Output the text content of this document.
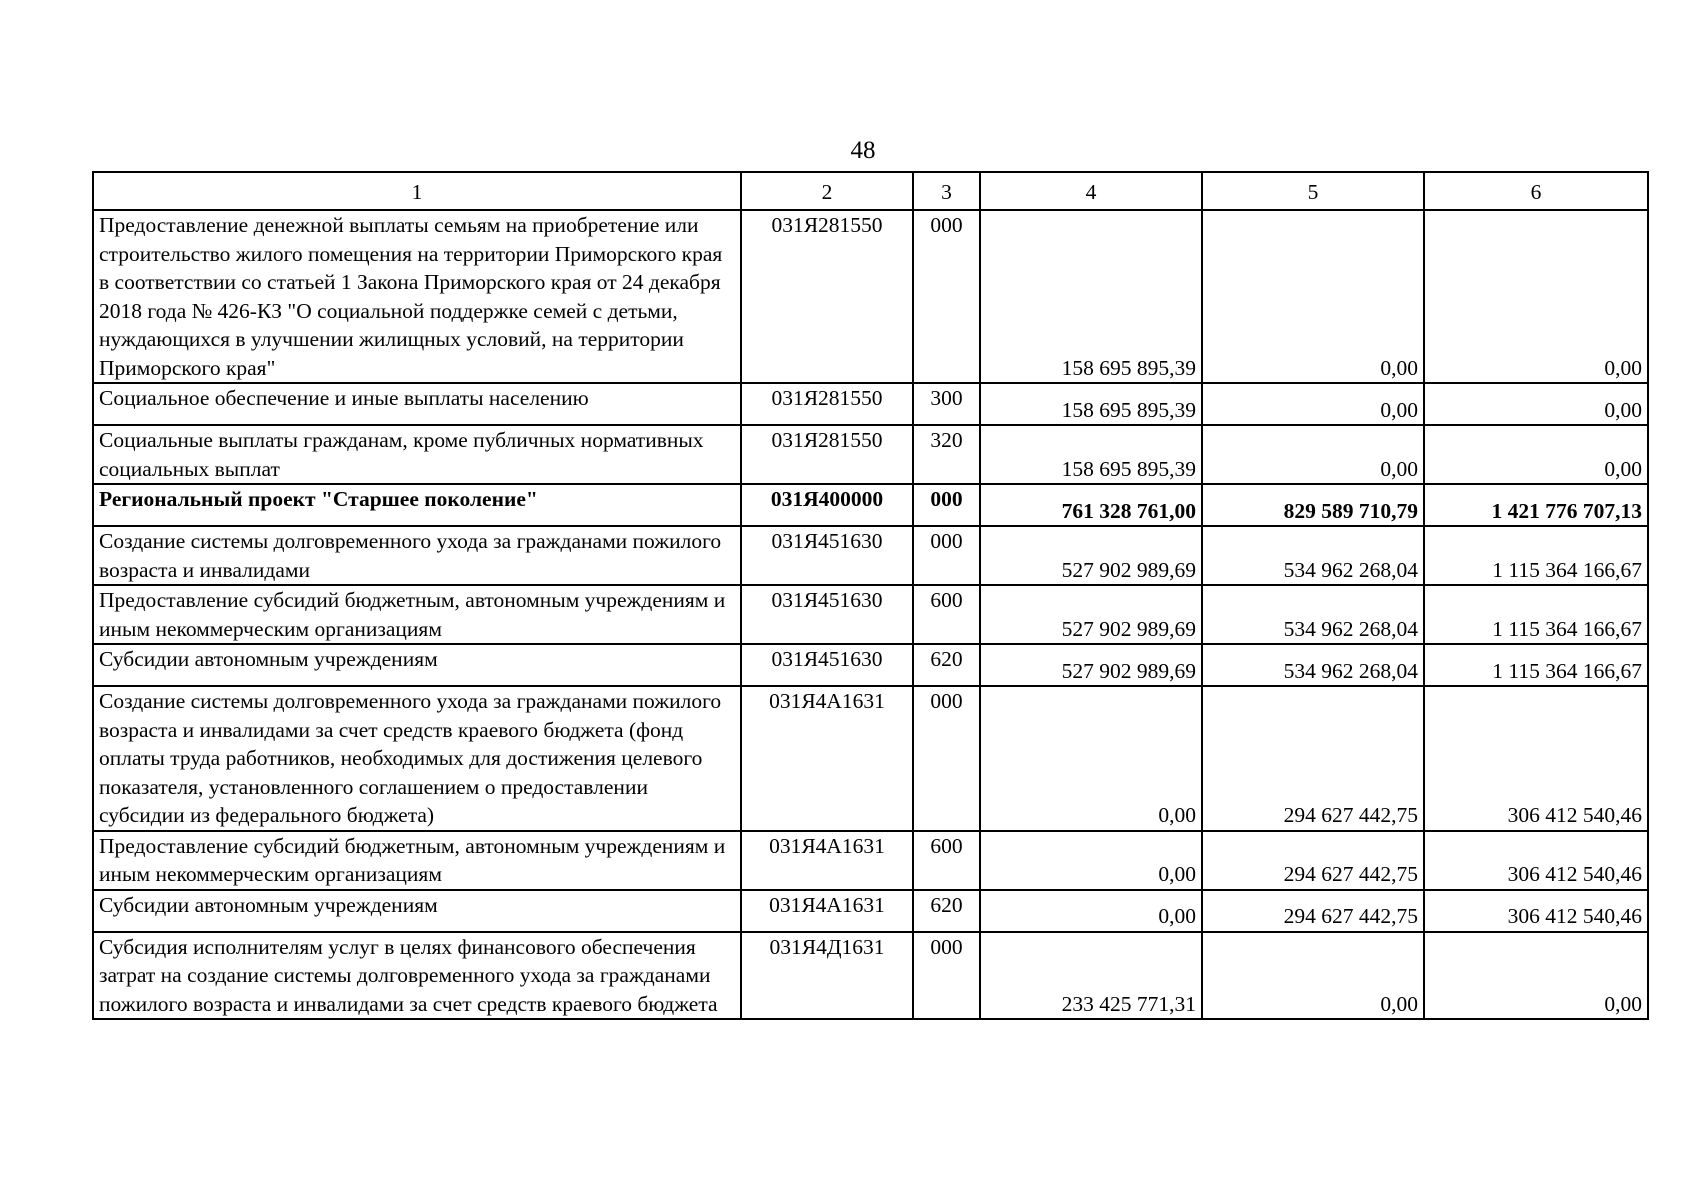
48
1	2	3	4	5	6
Предоставление денежной выплаты семьям на приобретение или строительство жилого помещения на территории Приморского края в соответствии со статьей 1 Закона Приморского края от 24 декабря 2018 года № 426-КЗ "О социальной поддержке семей с детьми, нуждающихся в улучшении жилищных условий, на территории Приморского края"	031Я281550	000	158 695 895,39	0,00	0,00
Социальное обеспечение и иные выплаты населению	031Я281550	300	158 695 895,39	0,00	0,00
Социальные выплаты гражданам, кроме публичных нормативных социальных выплат	031Я281550	320	158 695 895,39	0,00	0,00
Региональный проект "Старшее поколение"	031Я400000	000	761 328 761,00	829 589 710,79	1 421 776 707,13
Создание системы долговременного ухода за гражданами пожилого возраста и инвалидами	031Я451630	000	527 902 989,69	534 962 268,04	1 115 364 166,67
Предоставление субсидий бюджетным, автономным учреждениям и иным некоммерческим организациям	031Я451630	600	527 902 989,69	534 962 268,04	1 115 364 166,67
Субсидии автономным учреждениям	031Я451630	620	527 902 989,69	534 962 268,04	1 115 364 166,67
Создание системы долговременного ухода за гражданами пожилого возраста и инвалидами за счет средств краевого бюджета (фонд оплаты труда работников, необходимых для достижения целевого показателя, установленного соглашением о предоставлении субсидии из федерального бюджета)	031Я4А1631	000	0,00	294 627 442,75	306 412 540,46
Предоставление субсидий бюджетным, автономным учреждениям и иным некоммерческим организациям	031Я4А1631	600	0,00	294 627 442,75	306 412 540,46
Субсидии автономным учреждениям	031Я4А1631	620	0,00	294 627 442,75	306 412 540,46
Субсидия исполнителям услуг в целях финансового обеспечения затрат на создание системы долговременного ухода за гражданами пожилого возраста и инвалидами за счет средств краевого бюджета	031Я4Д1631	000	233 425 771,31	0,00	0,00
